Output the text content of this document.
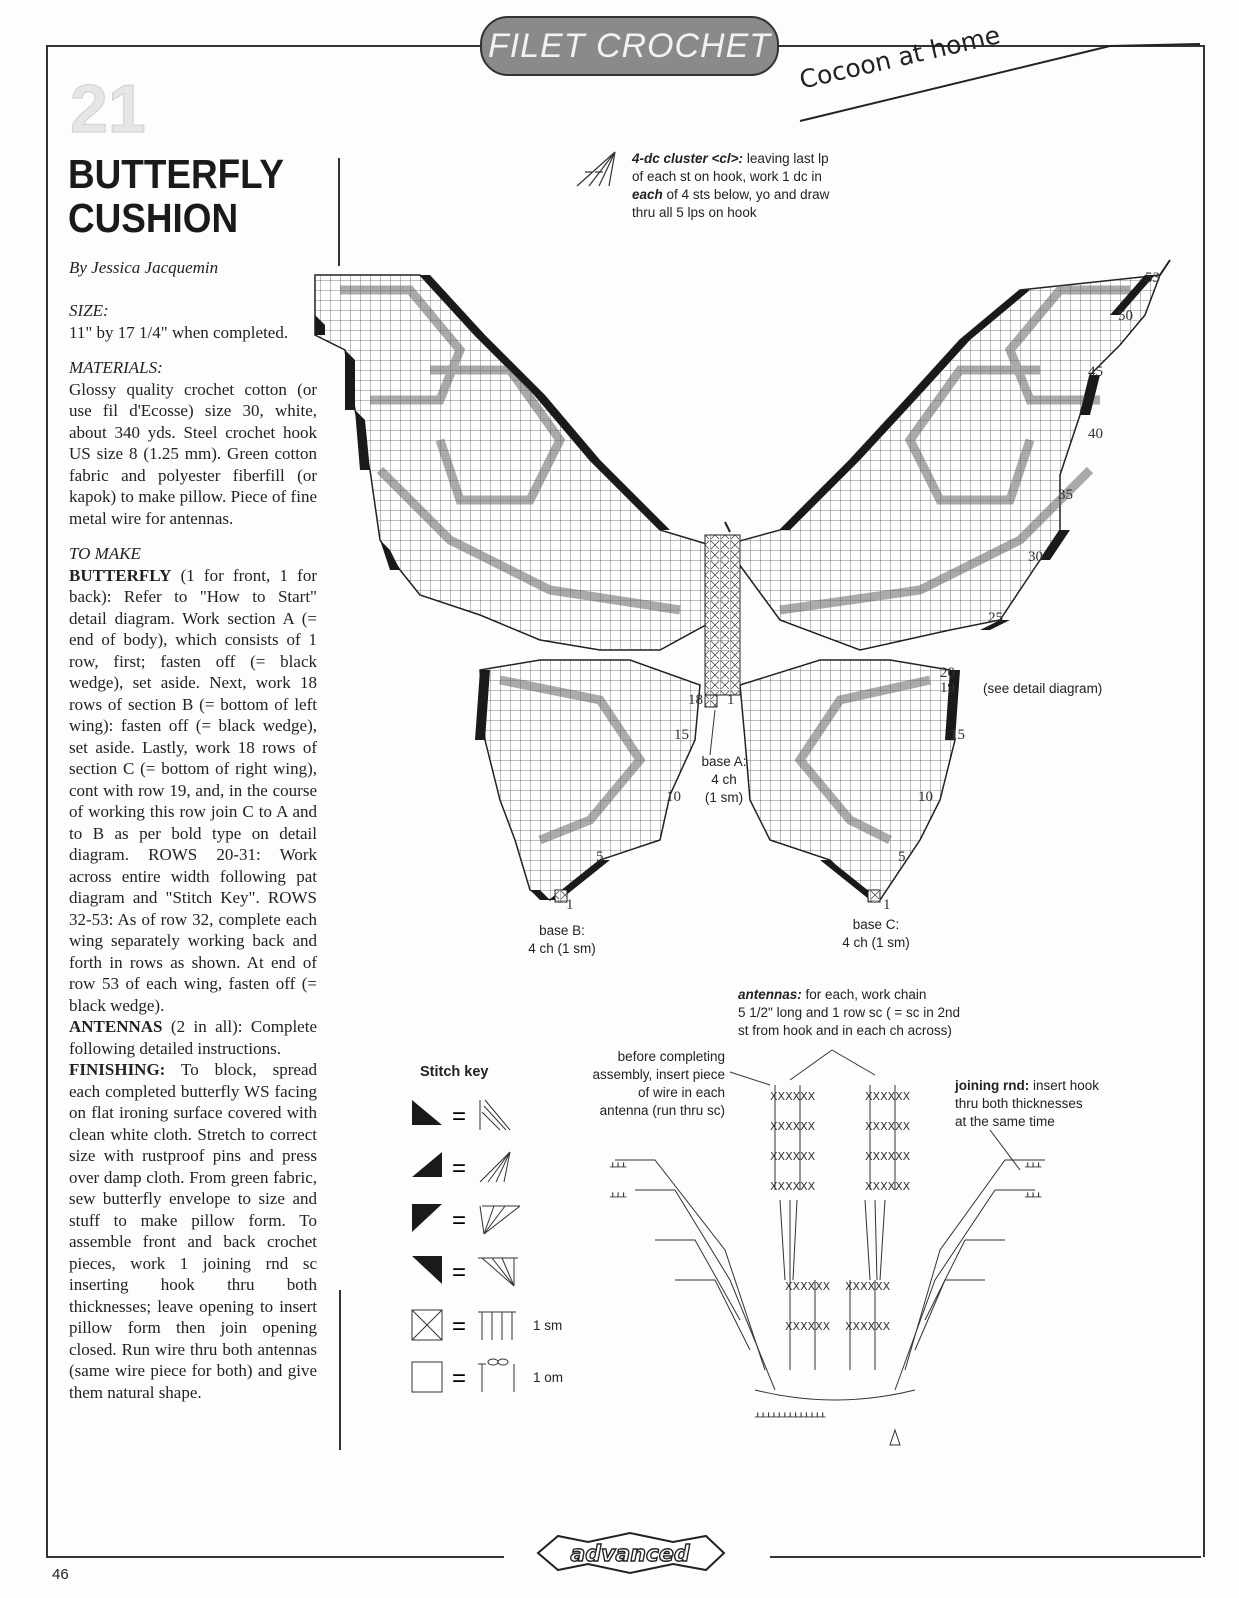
FILET CROCHET	Cocoon at home
21
BUTTERFLY
CUSHION
By Jessica Jacquemin

SIZE:

11" by 17 1/4" when completed.

MATERIALS:

Glossy quality crochet cotton (or use fil d'Ecosse) size 30, white, about 340 yds. Steel crochet hook US size 8 (1.25 mm). Green cotton fabric and polyester fiberfill (or kapok) to make pillow. Piece of fine metal wire for antennas.

TO MAKE

BUTTERFLY (1 for front, 1 for back): Refer to "How to Start" detail diagram. Work section A (= end of body), which consists of 1 row, first; fasten off (= black wedge), set aside. Next, work 18 rows of section B (= bottom of left wing): fasten off (= black wedge), set aside. Lastly, work 18 rows of section C (= bottom of right wing), cont with row 19, and, in the course of working this row join C to A and to B as per bold type on detail diagram. ROWS 20-31: Work across entire width following pat diagram and "Stitch Key". ROWS 32-53: As of row 32, complete each wing separately working back and forth in rows as shown. At end of row 53 of each wing, fasten off (= black wedge).

ANTENNAS (2 in all): Complete following detailed instructions.

FINISHING: To block, spread each completed butterfly WS facing on flat ironing surface covered with clean white cloth. Stretch to correct size with rustproof pins and press over damp cloth. From green fabric, sew butterfly envelope to size and stuff to make pillow form. To assemble front and back crochet pieces, work 1 joining rnd sc inserting hook thru both thicknesses; leave opening to insert pillow form then join opening closed. Run wire thru both antennas (same wire piece for both) and give them natural shape.

4-dc cluster <cl>: leaving last lp
of each st on hook, work 1 dc in
each of 4 sts below, yo and draw
thru all 5 lps on hook
53
50
45
40
35
30
25
20
19
15
10
5
1
15
10
5
1
18 1
(see detail diagram)
base A:
4 ch
(1 sm)
base B:
4 ch (1 sm)
base C:
4 ch (1 sm)
Stitch key
=
=
=
=
=
=
1 sm
1 om
antennas: for each, work chain
5 1/2" long and 1 row sc ( = sc in 2nd
st from hook and in each ch across)
before completing
assembly, insert piece
of wire in each
antenna (run thru sc)
joining rnd: insert hook
thru both thicknesses
at the same time
XXXXXX
XXXXXX
XXXXXX
XXXXXX
XXXXXX
XXXXXX
XXXXXX
XXXXXX
XXXXXX XXXXXX
XXXXXX XXXXXX
ᚆᚆᚆ
ᚆᚆᚆ
ᚆᚆᚆ
ᚆᚆᚆ
ᚆᚆᚆᚆᚆᚆᚆᚆᚆᚆᚆᚆᚆ
46
advanced
